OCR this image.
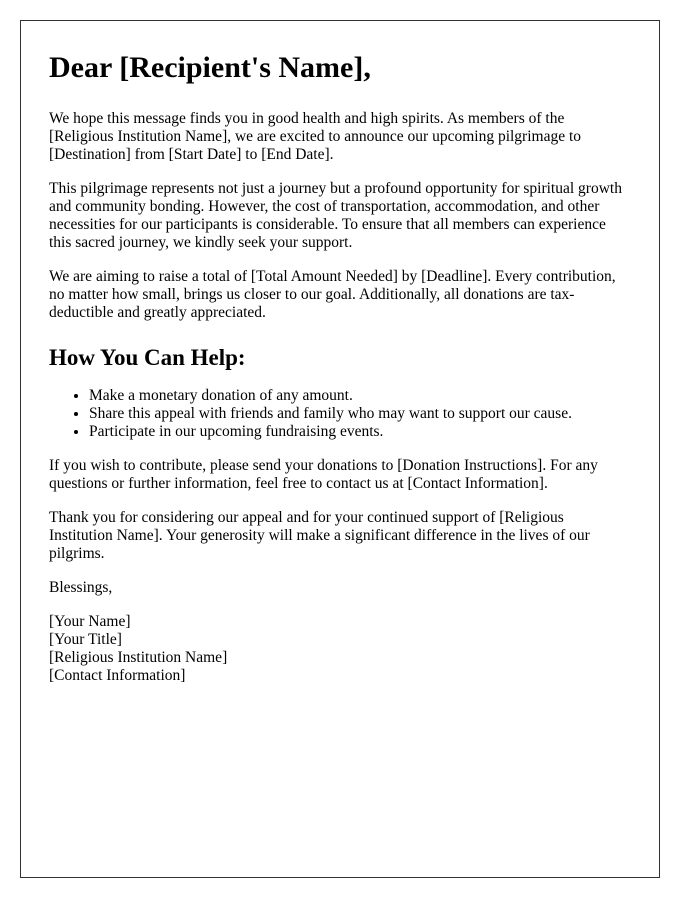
Dear [Recipient's Name],

We hope this message finds you in good health and high spirits. As members of the [Religious Institution Name], we are excited to announce our upcoming pilgrimage to [Destination] from [Start Date] to [End Date].

This pilgrimage represents not just a journey but a profound opportunity for spiritual growth and community bonding. However, the cost of transportation, accommodation, and other necessities for our participants is considerable. To ensure that all members can experience this sacred journey, we kindly seek your support.

We are aiming to raise a total of [Total Amount Needed] by [Deadline]. Every contribution, no matter how small, brings us closer to our goal. Additionally, all donations are tax-deductible and greatly appreciated.

How You Can Help:
• Make a monetary donation of any amount.
• Share this appeal with friends and family who may want to support our cause.
• Participate in our upcoming fundraising events.

If you wish to contribute, please send your donations to [Donation Instructions]. For any questions or further information, feel free to contact us at [Contact Information].

Thank you for considering our appeal and for your continued support of [Religious Institution Name]. Your generosity will make a significant difference in the lives of our pilgrims.

Blessings,

[Your Name]
[Your Title]
[Religious Institution Name]
[Contact Information]
